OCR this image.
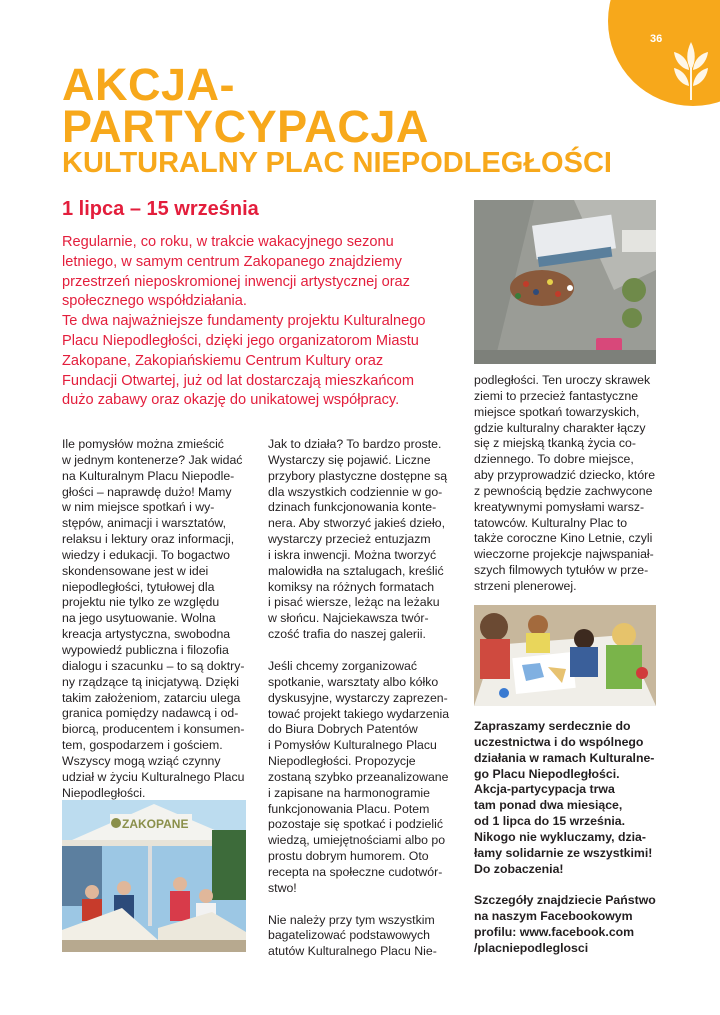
36
AKCJA-
PARTYCYPACJA
KULTURALNY PLAC NIEPODLEGŁOŚCI
1 lipca – 15 września

Regularnie, co roku, w trakcie wakacyjnego sezonu

letniego, w samym centrum Zakopanego znajdziemy

przestrzeń nieposkromionej inwencji artystycznej oraz

społecznego współdziałania.

Te dwa najważniejsze fundamenty projektu Kulturalnego

Placu Niepodległości, dzięki jego organizatorom Miastu

Zakopane, Zakopiańskiemu Centrum Kultury oraz

Fundacji Otwartej, już od lat dostarczają mieszkańcom

dużo zabawy oraz okazję do unikatowej współpracy.

Ile pomysłów można zmieścić
w jednym kontenerze? Jak widać
na Kulturalnym Placu Niepodle-
głości – naprawdę dużo! Mamy
w nim miejsce spotkań i wy-
stępów, animacji i warsztatów,
relaksu i lektury oraz informacji,
wiedzy i edukacji. To bogactwo
skondensowane jest w idei
niepodległości, tytułowej dla
projektu nie tylko ze względu
na jego usytuowanie. Wolna
kreacja artystyczna, swobodna
wypowiedź publiczna i filozofia
dialogu i szacunku – to są doktry-
ny rządzące tą inicjatywą. Dzięki
takim założeniom, zatarciu ulega
granica pomiędzy nadawcą i od-
biorcą, producentem i konsumen-
tem, gospodarzem i gościem.
Wszyscy mogą wziąć czynny
udział w życiu Kulturalnego Placu
Niepodległości.

ZAKOPANE

Jak to działa? To bardzo proste.
Wystarczy się pojawić. Liczne
przybory plastyczne dostępne są
dla wszystkich codziennie w go-
dzinach funkcjonowania konte-
nera. Aby stworzyć jakieś dzieło,
wystarczy przecież entuzjazm
i iskra inwencji. Można tworzyć
malowidła na sztalugach, kreślić
komiksy na różnych formatach
i pisać wiersze, leżąc na leżaku
w słońcu. Najciekawsza twór-
czość trafia do naszej galerii.

Jeśli chcemy zorganizować
spotkanie, warsztaty albo kółko
dyskusyjne, wystarczy zaprezen-
tować projekt takiego wydarzenia
do Biura Dobrych Patentów
i Pomysłów Kulturalnego Placu
Niepodległości. Propozycje
zostaną szybko przeanalizowane
i zapisane na harmonogramie
funkcjonowania Placu. Potem
pozostaje się spotkać i podzielić
wiedzą, umiejętnościami albo po
prostu dobrym humorem. Oto
recepta na społeczne cudotwór-
stwo!

Nie należy przy tym wszystkim
bagatelizować podstawowych
atutów Kulturalnego Placu Nie-

podległości. Ten uroczy skrawek
ziemi to przecież fantastyczne
miejsce spotkań towarzyskich,
gdzie kulturalny charakter łączy
się z miejską tkanką życia co-
dziennego. To dobre miejsce,
aby przyprowadzić dziecko, które
z pewnością będzie zachwycone
kreatywnymi pomysłami warsz-
tatowców. Kulturalny Plac to
także coroczne Kino Letnie, czyli
wieczorne projekcje najwspaniał-
szych filmowych tytułów w prze-
strzeni plenerowej.

Zapraszamy serdecznie do
uczestnictwa i do wspólnego
działania w ramach Kulturalne-
go Placu Niepodległości.
Akcja-partycypacja trwa
tam ponad dwa miesiące,
od 1 lipca do 15 września.
Nikogo nie wykluczamy, dzia-
łamy solidarnie ze wszystkimi!
Do zobaczenia!

Szczegóły znajdziecie Państwo
na naszym Facebookowym
profilu: www.facebook.com
/placniepodleglosci
